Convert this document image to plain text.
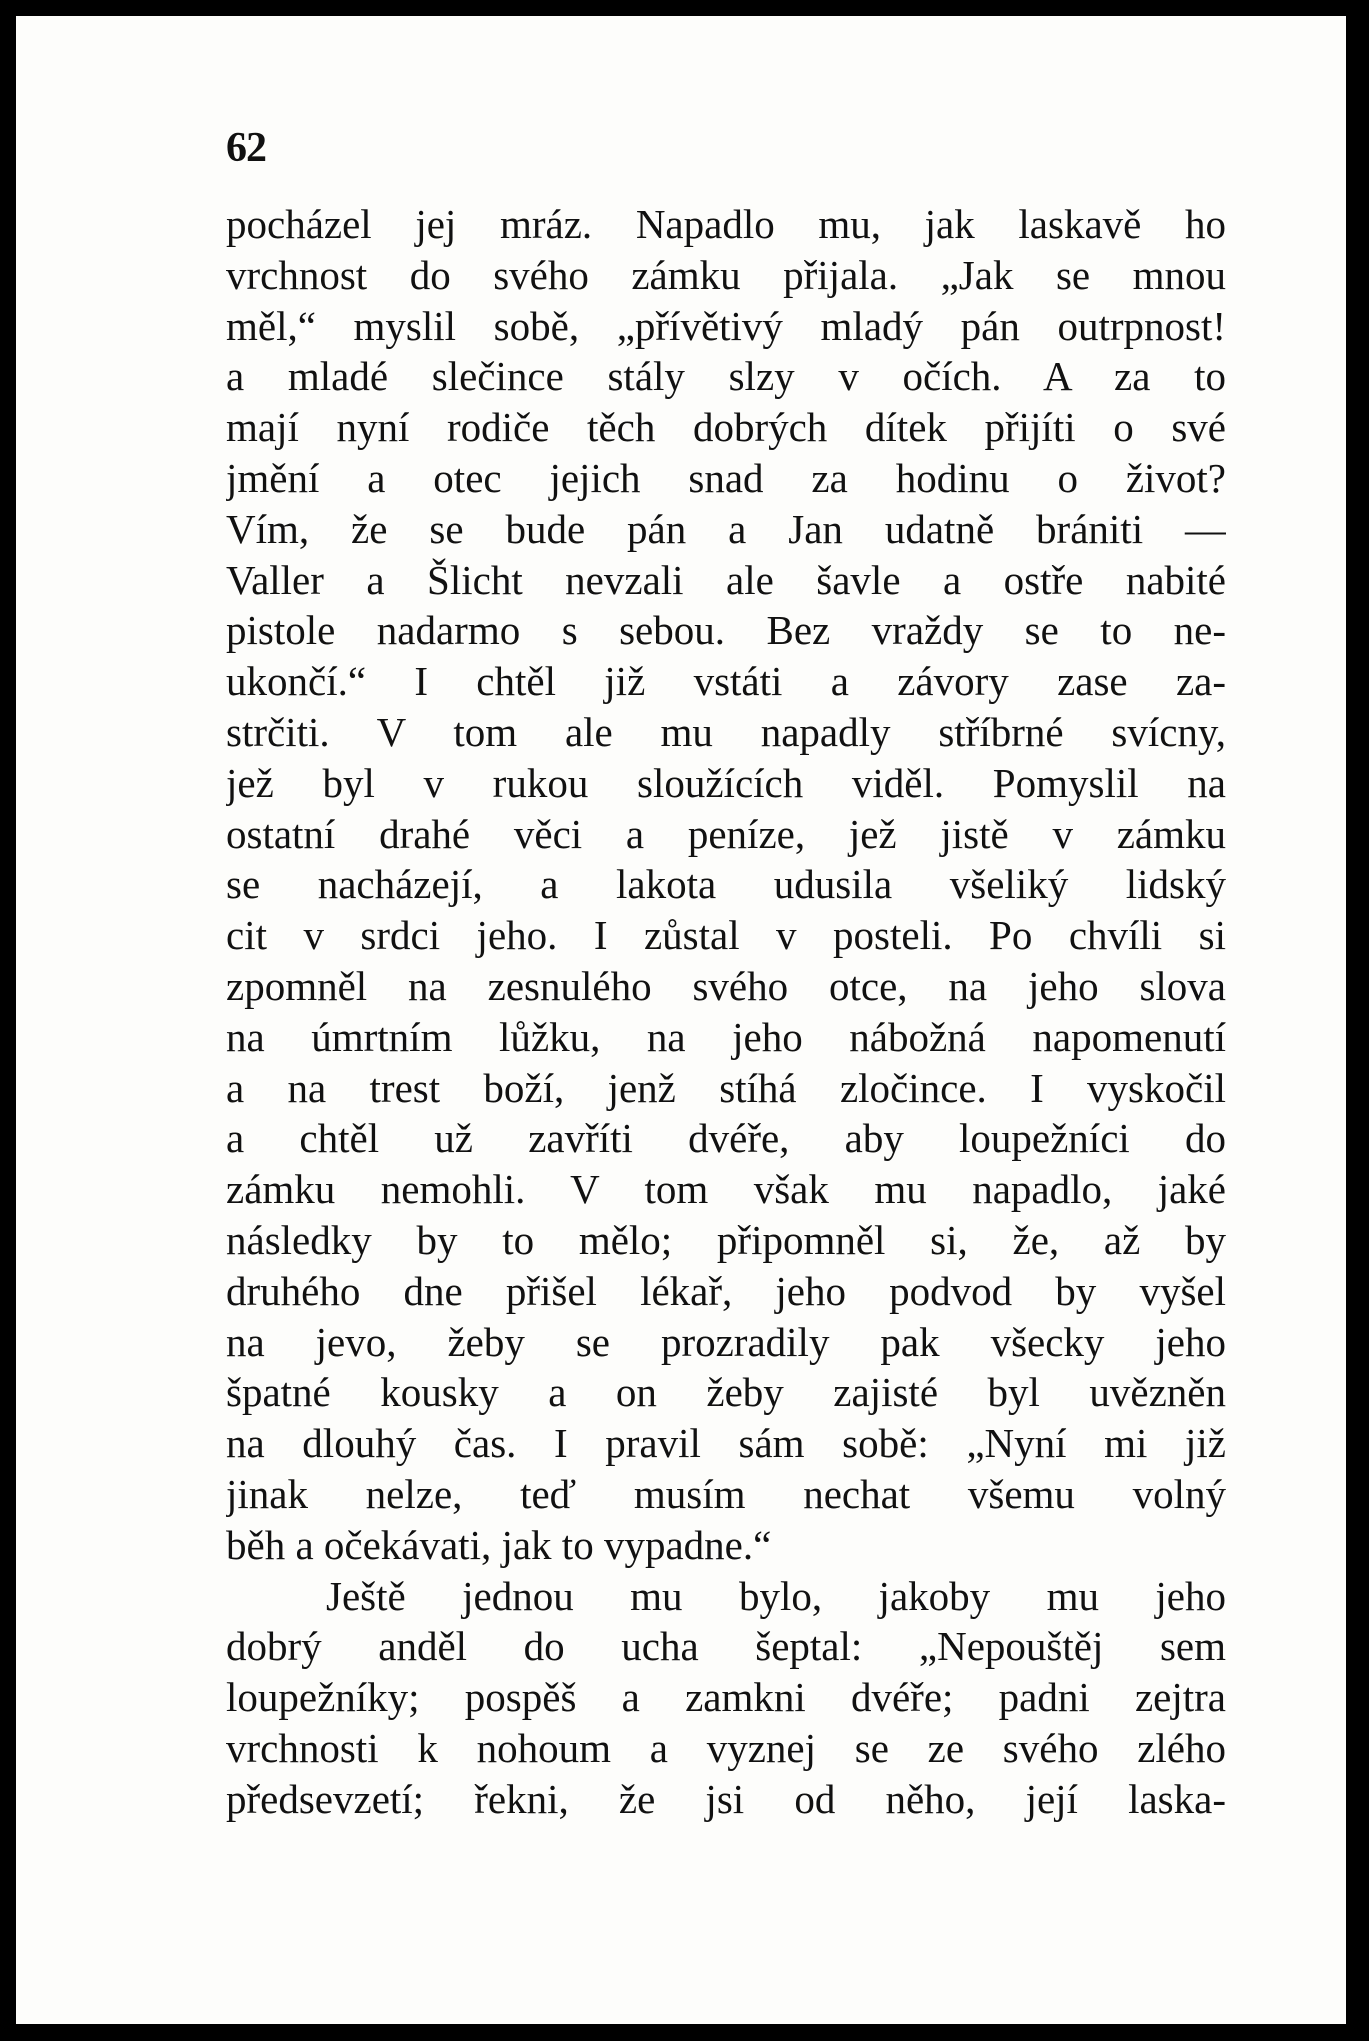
62
pocházel jej mráz. Napadlo mu, jak laskavě ho
vrchnost do svého zámku přijala. „Jak se mnou
měl,“ myslil sobě, „přívětivý mladý pán outrpnost!
a mladé slečince stály slzy v očích. A za to
mají nyní rodiče těch dobrých dítek přijíti o své
jmění a otec jejich snad za hodinu o život?
Vím, že se bude pán a Jan udatně brániti —
Valler a Šlicht nevzali ale šavle a ostře nabité
pistole nadarmo s sebou. Bez vraždy se to ne-
ukončí.“ I chtěl již vstáti a závory zase za-
strčiti. V tom ale mu napadly stříbrné svícny,
jež byl v rukou sloužících viděl. Pomyslil na
ostatní drahé věci a peníze, jež jistě v zámku
se nacházejí, a lakota udusila všeliký lidský
cit v srdci jeho. I zůstal v posteli. Po chvíli si
zpomněl na zesnulého svého otce, na jeho slova
na úmrtním lůžku, na jeho nábožná napomenutí
a na trest boží, jenž stíhá zločince. I vyskočil
a chtěl už zavříti dvéře, aby loupežníci do
zámku nemohli. V tom však mu napadlo, jaké
následky by to mělo; připomněl si, že, až by
druhého dne přišel lékař, jeho podvod by vyšel
na jevo, žeby se prozradily pak všecky jeho
špatné kousky a on žeby zajisté byl uvězněn
na dlouhý čas. I pravil sám sobě: „Nyní mi již
jinak nelze, teď musím nechat všemu volný
běh a očekávati, jak to vypadne.“
Ještě jednou mu bylo, jakoby mu jeho
dobrý anděl do ucha šeptal: „Nepouštěj sem
loupežníky; pospěš a zamkni dvéře; padni zejtra
vrchnosti k nohoum a vyznej se ze svého zlého
předsevzetí; řekni, že jsi od něho, její laska-
